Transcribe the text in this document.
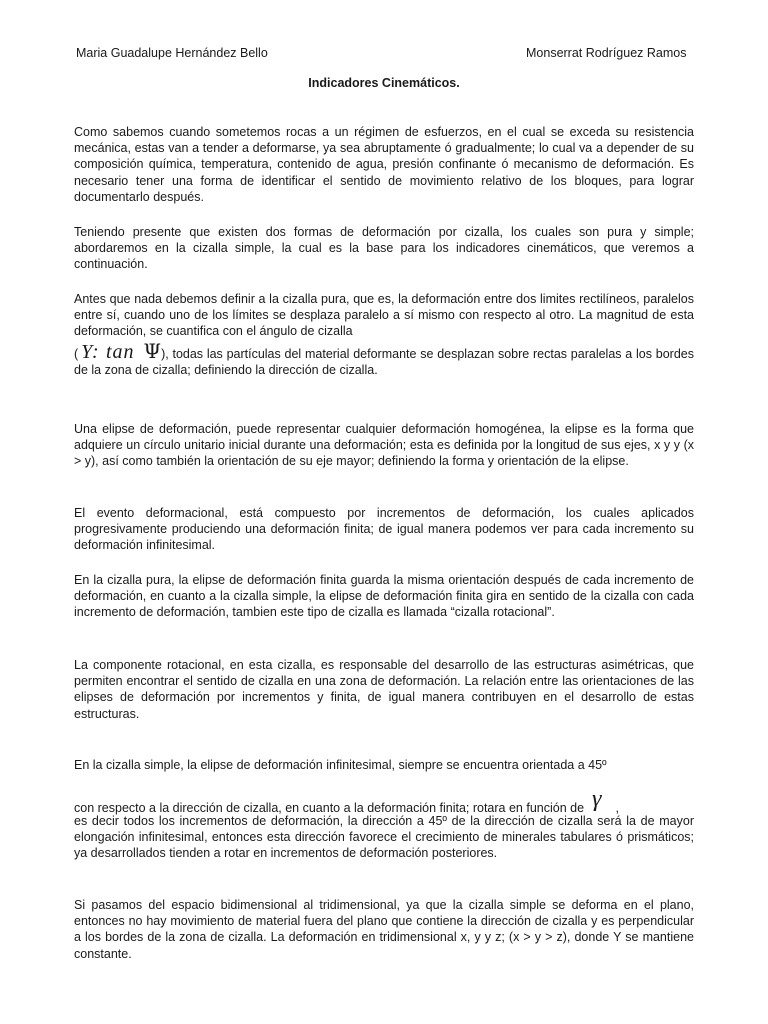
Maria Guadalupe Hernández Bello	Monserrat Rodríguez Ramos
Indicadores Cinemáticos.

Como sabemos cuando sometemos rocas a un régimen de esfuerzos, en el cual se exceda su resistencia mecánica, estas van a tender a deformarse, ya sea abruptamente ó gradualmente; lo cual va a depender de su composición química, temperatura, contenido de agua, presión confinante ó mecanismo de deformación. Es necesario tener una forma de identificar el sentido de movimiento relativo de los bloques, para lograr documentarlo después.

Teniendo presente que existen dos formas de deformación por cizalla, los cuales son pura y simple; abordaremos en la cizalla simple, la cual es la base para los indicadores cinemáticos, que veremos a continuación.

Antes que nada debemos definir a la cizalla pura, que es, la deformación entre dos limites rectilíneos, paralelos entre sí, cuando uno de los límites se desplaza paralelo a sí mismo con respecto al otro. La magnitud de esta deformación, se cuantifica con el ángulo de cizalla

( Y: tan Ψ), todas las partículas del material deformante se desplazan sobre rectas paralelas a los bordes de la zona de cizalla; definiendo la dirección de cizalla.

Una elipse de deformación, puede representar cualquier deformación homogénea, la elipse es la forma que adquiere un círculo unitario inicial durante una deformación; esta es definida por la longitud de sus ejes, x y y (x > y), así como también la orientación de su eje mayor; definiendo la forma y orientación de la elipse.

El evento deformacional, está compuesto por incrementos de deformación, los cuales aplicados progresivamente produciendo una deformación finita; de igual manera podemos ver para cada incremento su deformación infinitesimal.

En la cizalla pura, la elipse de deformación finita guarda la misma orientación después de cada incremento de deformación, en cuanto a la cizalla simple, la elipse de deformación finita gira en sentido de la cizalla con cada incremento de deformación, tambien este tipo de cizalla es llamada “cizalla rotacional”.

La componente rotacional, en esta cizalla, es responsable del desarrollo de las estructuras asimétricas, que permiten encontrar el sentido de cizalla en una zona de deformación. La relación entre las orientaciones de las elipses de deformación por incrementos y finita, de igual manera contribuyen en el desarrollo de estas estructuras.

En la cizalla simple, la elipse de deformación infinitesimal, siempre se encuentra orientada a 45º

con respecto a la dirección de cizalla, en cuanto a la deformación finita; rotara en función de γ ,

es decir todos los incrementos de deformación, la dirección a 45º de la dirección de cizalla será la de mayor elongación infinitesimal, entonces esta dirección favorece el crecimiento de minerales tabulares ó prismáticos; ya desarrollados tienden a rotar en incrementos de deformación posteriores.

Si pasamos del espacio bidimensional al tridimensional, ya que la cizalla simple se deforma en el plano, entonces no hay movimiento de material fuera del plano que contiene la dirección de cizalla y es perpendicular a los bordes de la zona de cizalla. La deformación en tridimensional x, y y z; (x > y > z), donde Y se mantiene constante.
